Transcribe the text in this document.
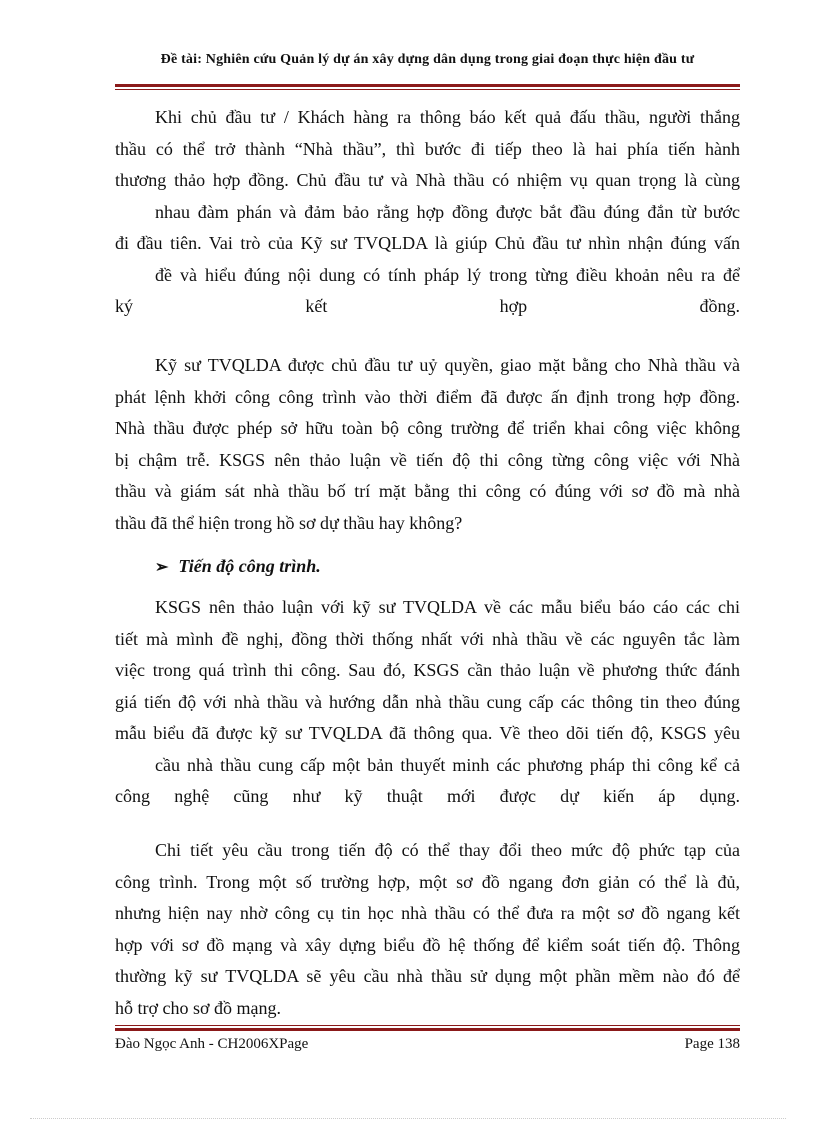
Đề tài: Nghiên cứu Quản lý dự án xây dựng dân dụng trong giai đoạn thực hiện đầu tư
Khi chủ đầu tư / Khách hàng ra thông báo kết quả đấu thầu, người thắng
thầu có thể trở thành “Nhà thầu”, thì bước đi tiếp theo là hai phía tiến hành
thương thảo hợp đồng. Chủ đầu tư và Nhà thầu có nhiệm vụ quan trọng là cùng
nhau đàm phán và đảm bảo rằng hợp đồng được bắt đầu đúng đắn từ bước
đi đầu tiên. Vai trò của Kỹ sư TVQLDA là giúp Chủ đầu tư nhìn nhận đúng vấn
đề và hiểu đúng nội dung có tính pháp lý trong từng điều khoản nêu ra để
ký kết hợp đồng.
Kỹ sư TVQLDA được chủ đầu tư uỷ quyền, giao mặt bằng cho Nhà thầu và
phát lệnh khởi công công trình vào thời điểm đã được ấn định trong hợp đồng.
Nhà thầu được phép sở hữu toàn bộ công trường để triển khai công việc không
bị chậm trễ. KSGS nên thảo luận về tiến độ thi công từng công việc với Nhà
thầu và giám sát nhà thầu bố trí mặt bằng thi công có đúng với sơ đồ mà nhà
thầu đã thể hiện trong hồ sơ dự thầu hay không?
➢ Tiến độ công trình.
KSGS nên thảo luận với kỹ sư TVQLDA về các mẫu biểu báo cáo các chi
tiết mà mình đề nghị, đồng thời thống nhất với nhà thầu về các nguyên tắc làm
việc trong quá trình thi công. Sau đó, KSGS cần thảo luận về phương thức đánh
giá tiến độ với nhà thầu và hướng dẫn nhà thầu cung cấp các thông tin theo đúng
mẫu biểu đã được kỹ sư TVQLDA đã thông qua. Về theo dõi tiến độ, KSGS yêu
cầu nhà thầu cung cấp một bản thuyết minh các phương pháp thi công kể cả
công nghệ cũng như kỹ thuật mới được dự kiến áp dụng.
Chi tiết yêu cầu trong tiến độ có thể thay đổi theo mức độ phức tạp của
công trình. Trong một số trường hợp, một sơ đồ ngang đơn giản có thể là đủ,
nhưng hiện nay nhờ công cụ tin học nhà thầu có thể đưa ra một sơ đồ ngang kết
hợp với sơ đồ mạng và xây dựng biểu đồ hệ thống để kiểm soát tiến độ. Thông
thường kỹ sư TVQLDA sẽ yêu cầu nhà thầu sử dụng một phần mềm nào đó để
hỗ trợ cho sơ đồ mạng.
Đào Ngọc Anh - CH2006XPage	Page 138
